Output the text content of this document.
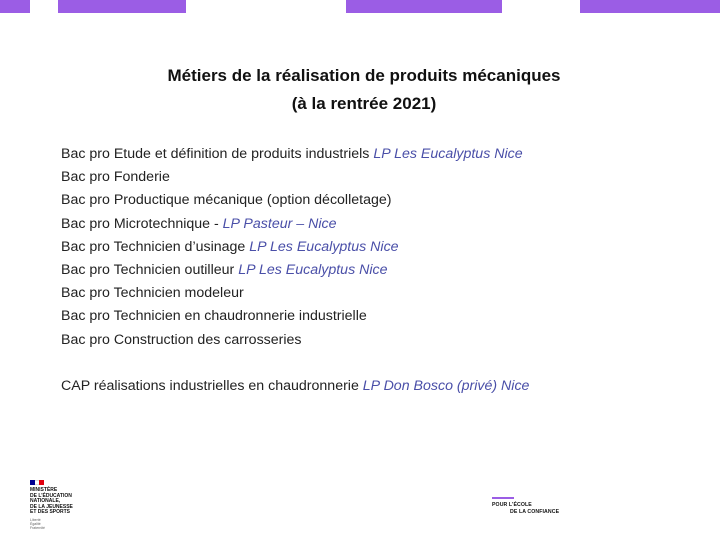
Métiers de la réalisation de produits mécaniques
(à la rentrée 2021)
Bac pro Etude et définition de produits industriels LP Les Eucalyptus Nice
Bac pro Fonderie
Bac pro Productique mécanique (option décolletage)
Bac pro Microtechnique - LP Pasteur – Nice
Bac pro Technicien d’usinage LP Les Eucalyptus Nice
Bac pro Technicien outilleur LP Les Eucalyptus Nice
Bac pro Technicien modeleur
Bac pro Technicien en chaudronnerie industrielle
Bac pro Construction des carrosseries
CAP réalisations industrielles en chaudronnerie LP Don Bosco (privé) Nice
MINISTÈRE
DE L’ÉDUCATION
NATIONALE,
DE LA JEUNESSE
ET DES SPORTS
Liberté
Égalité
Fraternité
POUR L’ÉCOLE
DE LA CONFIANCE
